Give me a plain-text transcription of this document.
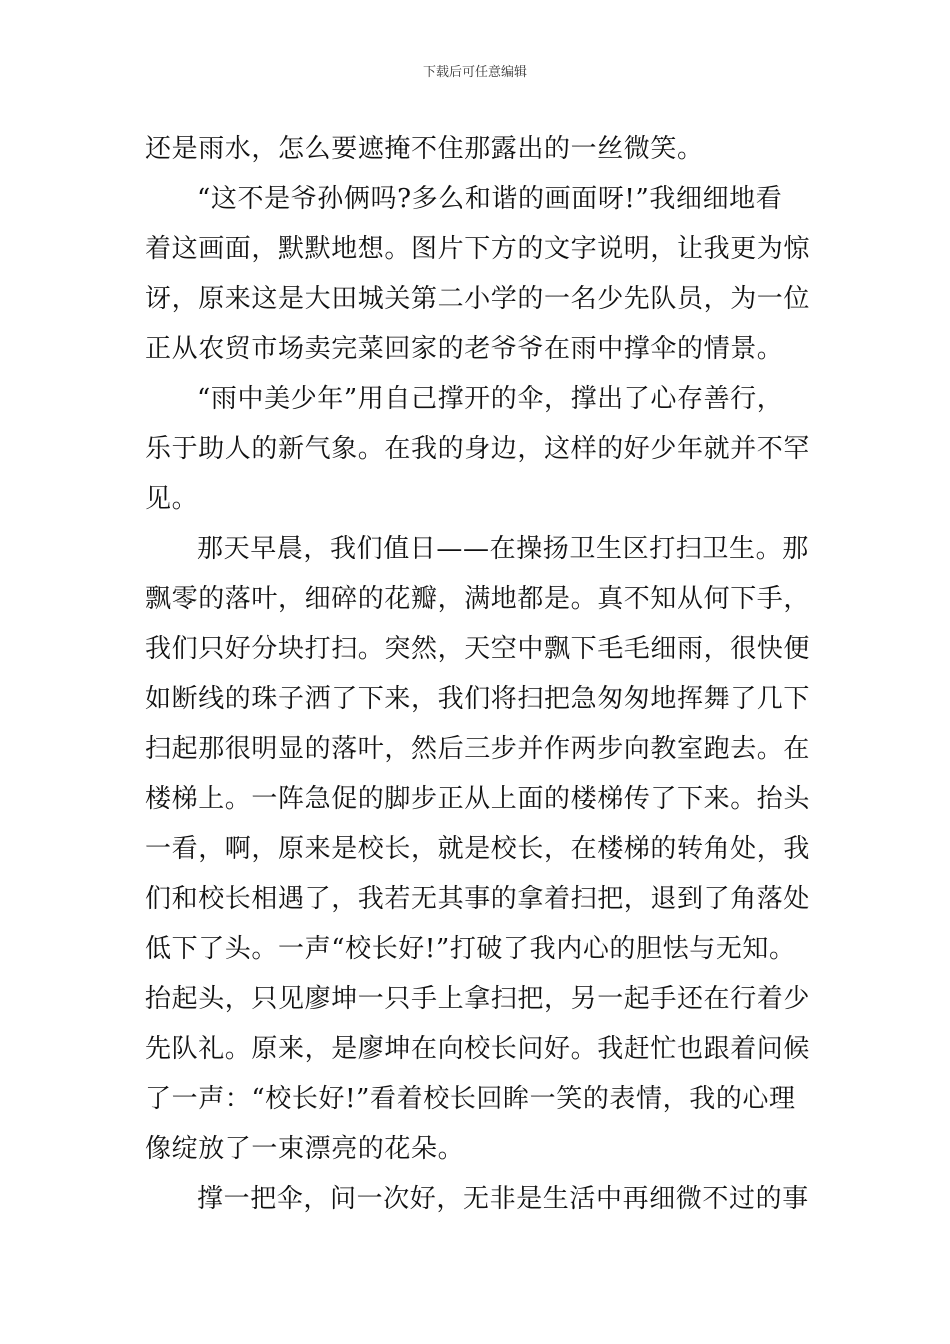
下载后可任意编辑
还是雨水，怎么要遮掩不住那露出的一丝微笑。
“这不是爷孙俩吗?多么和谐的画面呀!”我细细地看
着这画面，默默地想。图片下方的文字说明，让我更为惊
讶，原来这是大田城关第二小学的一名少先队员，为一位
正从农贸市场卖完菜回家的老爷爷在雨中撑伞的情景。
“雨中美少年”用自己撑开的伞，撑出了心存善行，
乐于助人的新气象。在我的身边，这样的好少年就并不罕
见。
那天早晨，我们值日——在操扬卫生区打扫卫生。那
飘零的落叶，细碎的花瓣，满地都是。真不知从何下手，
我们只好分块打扫。突然，天空中飘下毛毛细雨，很快便
如断线的珠子洒了下来，我们将扫把急匆匆地挥舞了几下
扫起那很明显的落叶，然后三步并作两步向教室跑去。在
楼梯上。一阵急促的脚步正从上面的楼梯传了下来。抬头
一看，啊，原来是校长，就是校长，在楼梯的转角处，我
们和校长相遇了，我若无其事的拿着扫把，退到了角落处
低下了头。一声“校长好!”打破了我内心的胆怯与无知。
抬起头，只见廖坤一只手上拿扫把，另一起手还在行着少
先队礼。原来，是廖坤在向校长问好。我赶忙也跟着问候
了一声：“校长好!”看着校长回眸一笑的表情，我的心理
像绽放了一束漂亮的花朵。
撑一把伞，问一次好，无非是生活中再细微不过的事
